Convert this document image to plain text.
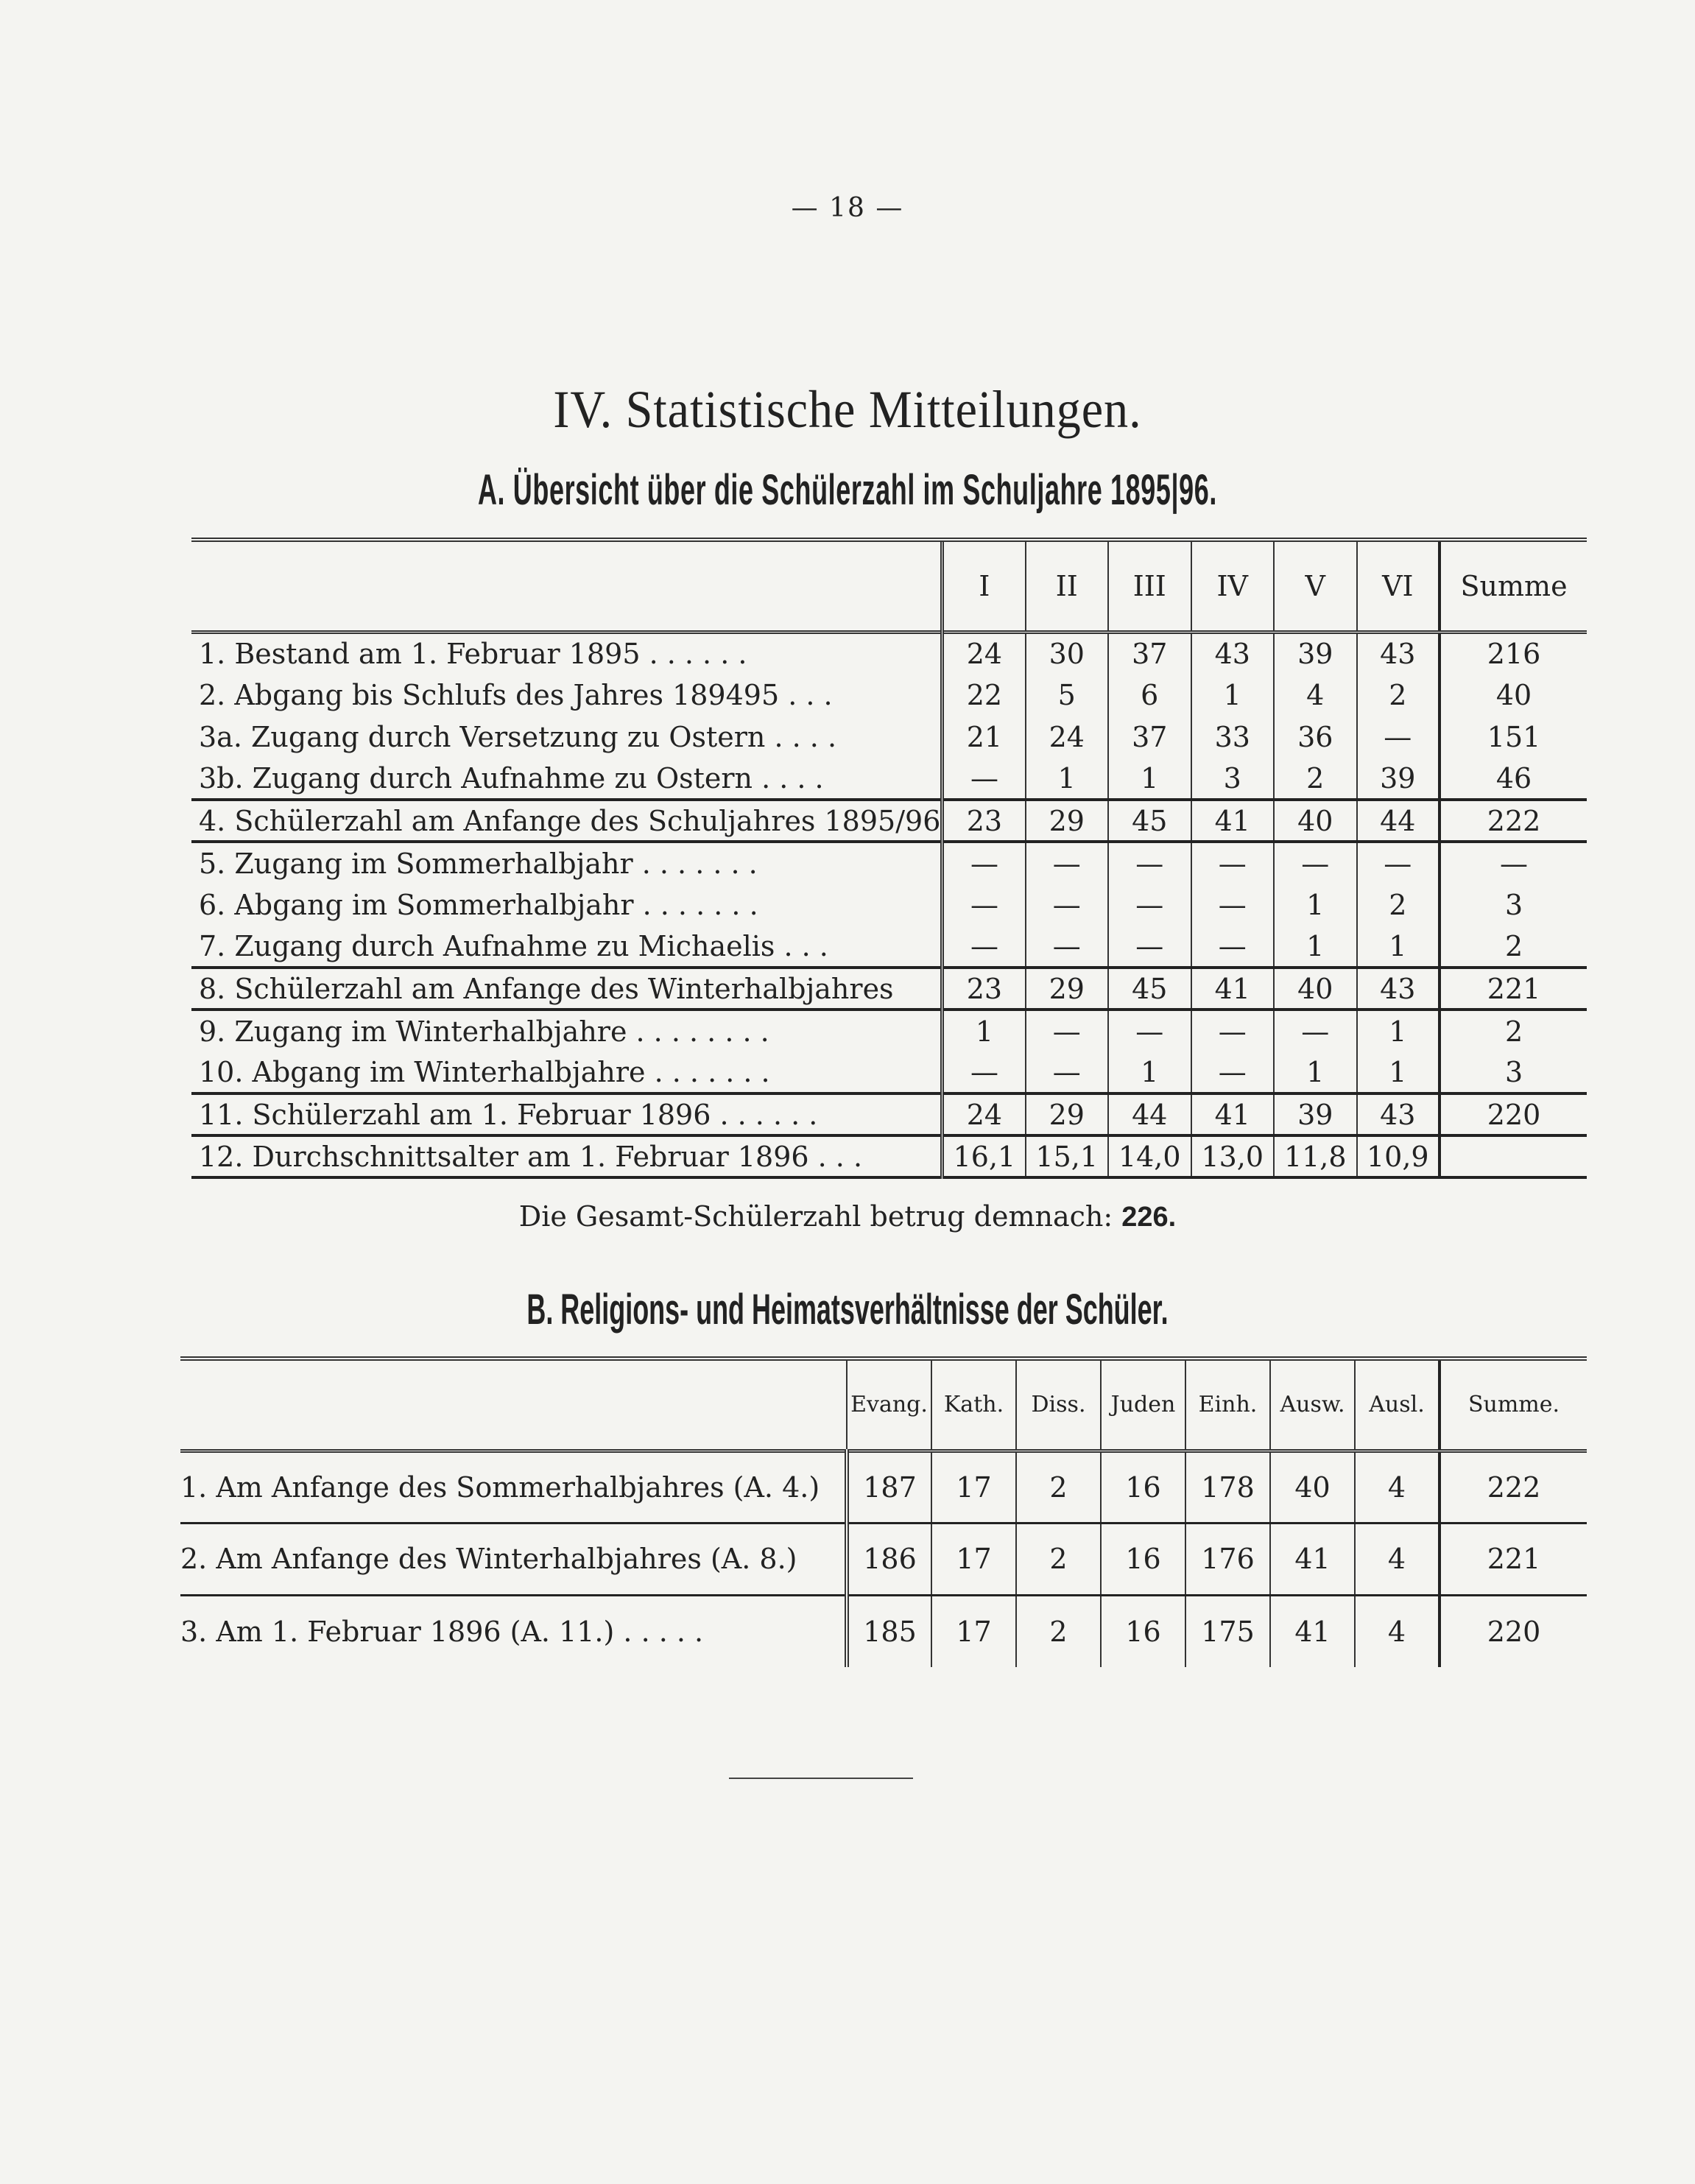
— 18 —
IV. Statistische Mitteilungen.
A. Übersicht über die Schülerzahl im Schuljahre 1895|96.
	I	II	III	IV	V	VI	Summe
1. Bestand am 1. Februar 1895 . . . . . .	24	30	37	43	39	43	216
2. Abgang bis Schlufs des Jahres 189495 . . .	22	5	6	1	4	2	40
3a. Zugang durch Versetzung zu Ostern . . . .	21	24	37	33	36	—	151
3b. Zugang durch Aufnahme zu Ostern . . . .	—	1	1	3	2	39	46
4. Schülerzahl am Anfange des Schuljahres 1895/96	23	29	45	41	40	44	222
5. Zugang im Sommerhalbjahr . . . . . . .	—	—	—	—	—	—	—
6. Abgang im Sommerhalbjahr . . . . . . .	—	—	—	—	1	2	3
7. Zugang durch Aufnahme zu Michaelis . . .	—	—	—	—	1	1	2
8. Schülerzahl am Anfange des Winterhalbjahres	23	29	45	41	40	43	221
9. Zugang im Winterhalbjahre . . . . . . . .	1	—	—	—	—	1	2
10. Abgang im Winterhalbjahre . . . . . . .	—	—	1	—	1	1	3
11. Schülerzahl am 1. Februar 1896 . . . . . .	24	29	44	41	39	43	220
12. Durchschnittsalter am 1. Februar 1896 . . .	16,1	15,1	14,0	13,0	11,8	10,9	
Die Gesamt-Schülerzahl betrug demnach: 226.
B. Religions- und Heimatsverhältnisse der Schüler.
	Evang.	Kath.	Diss.	Juden	Einh.	Ausw.	Ausl.	Summe.
1. Am Anfange des Sommerhalbjahres (A. 4.)	187	17	2	16	178	40	4	222
2. Am Anfange des Winterhalbjahres (A. 8.)	186	17	2	16	176	41	4	221
3. Am 1. Februar 1896 (A. 11.) . . . . .	185	17	2	16	175	41	4	220
